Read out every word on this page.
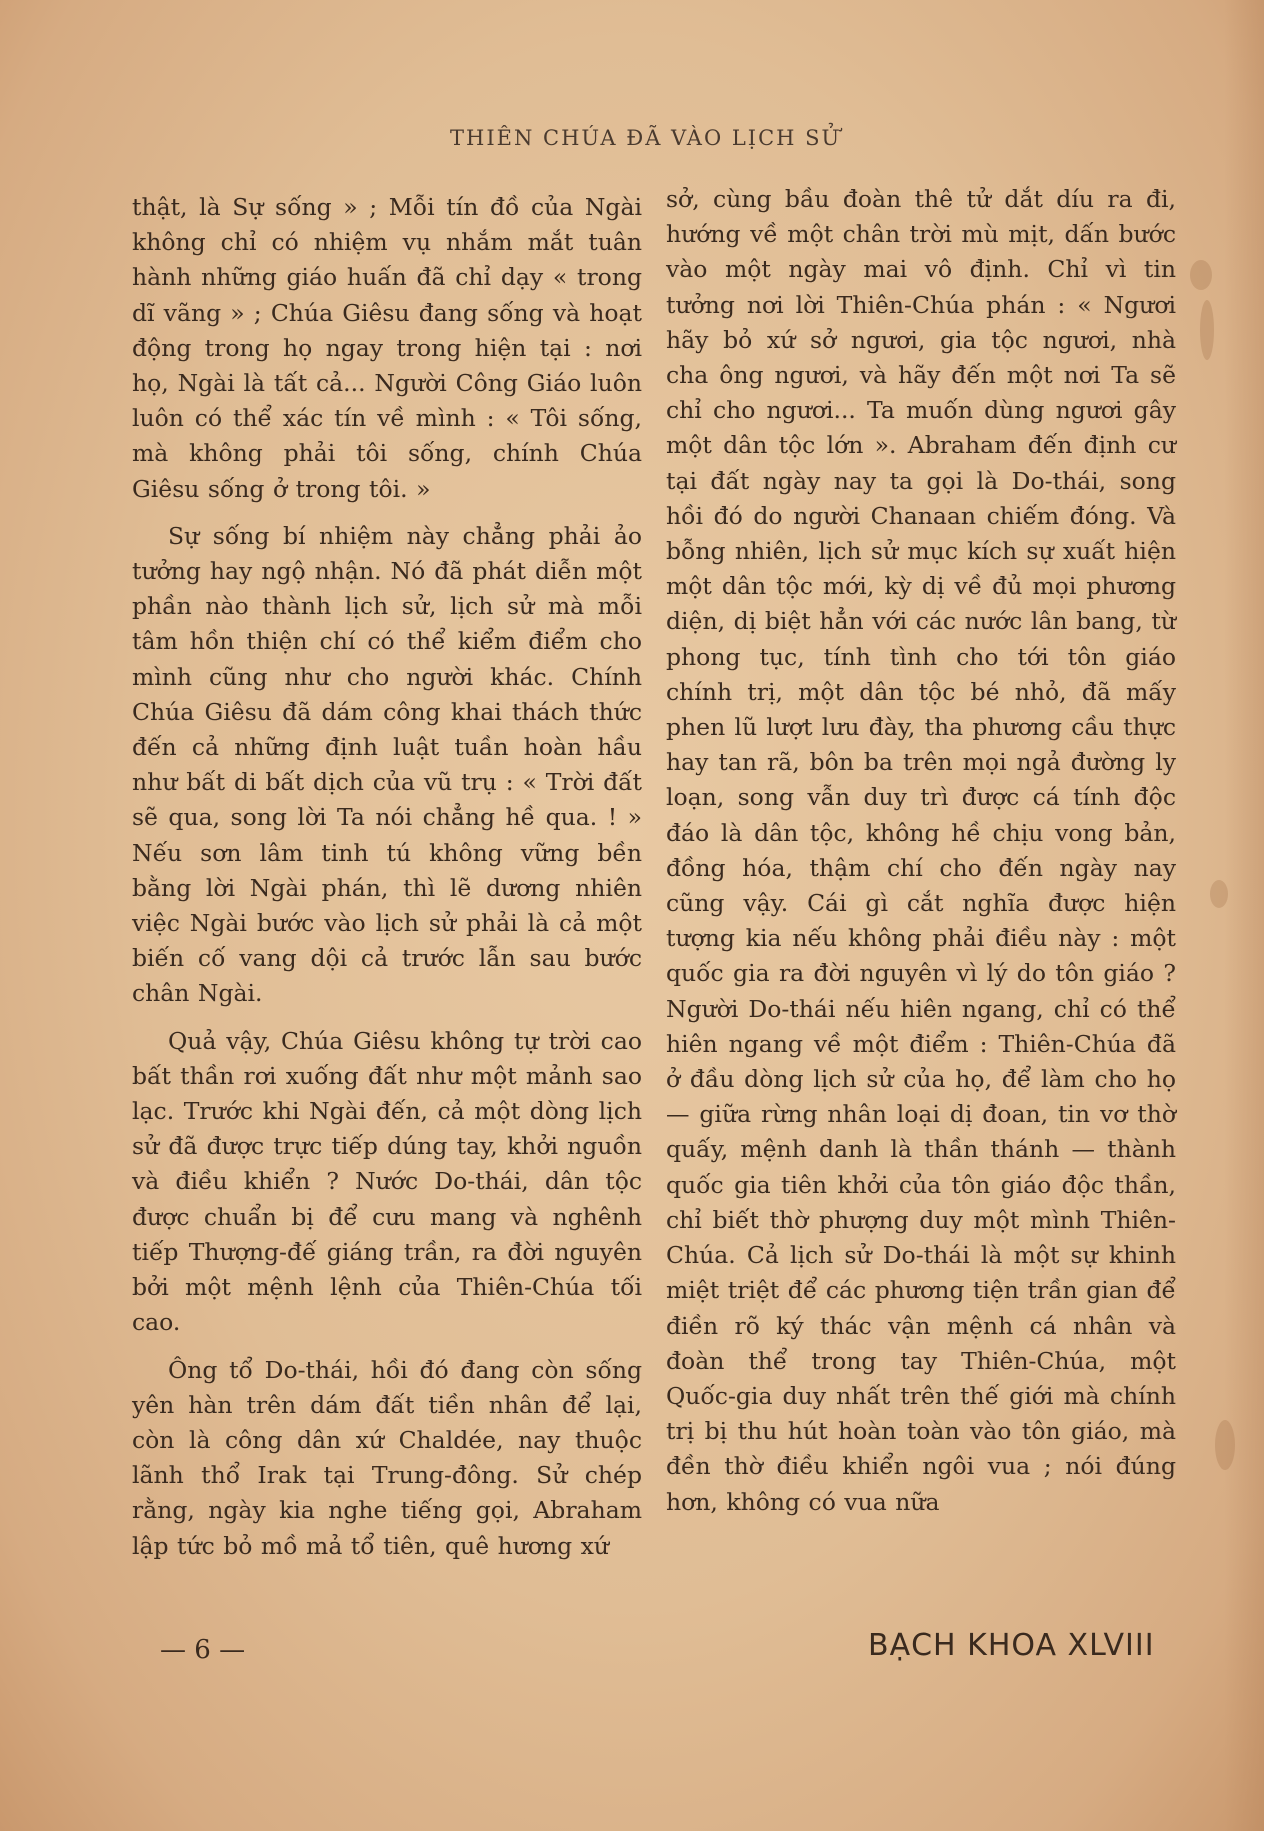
THIÊN CHÚA ĐÃ VÀO LỊCH SỬ

thật, là Sự sống » ; Mỗi tín đồ của Ngài không chỉ có nhiệm vụ nhắm mắt tuân hành những giáo huấn đã chỉ dạy « trong dĩ vãng » ; Chúa Giêsu đang sống và hoạt động trong họ ngay trong hiện tại : nơi họ, Ngài là tất cả... Người Công Giáo luôn luôn có thể xác tín về mình : « Tôi sống, mà không phải tôi sống, chính Chúa Giêsu sống ở trong tôi. »

Sự sống bí nhiệm này chẳng phải ảo tưởng hay ngộ nhận. Nó đã phát diễn một phần nào thành lịch sử, lịch sử mà mỗi tâm hồn thiện chí có thể kiểm điểm cho mình cũng như cho người khác. Chính Chúa Giêsu đã dám công khai thách thức đến cả những định luật tuần hoàn hầu như bất di bất dịch của vũ trụ : « Trời đất sẽ qua, song lời Ta nói chẳng hề qua. ! » Nếu sơn lâm tinh tú không vững bền bằng lời Ngài phán, thì lẽ dương nhiên việc Ngài bước vào lịch sử phải là cả một biến cố vang dội cả trước lẫn sau bước chân Ngài.

Quả vậy, Chúa Giêsu không tự trời cao bất thần rơi xuống đất như một mảnh sao lạc. Trước khi Ngài đến, cả một dòng lịch sử đã được trực tiếp dúng tay, khởi nguồn và điều khiển ? Nước Do-thái, dân tộc được chuẩn bị để cưu mang và nghênh tiếp Thượng-đế giáng trần, ra đời nguyên bởi một mệnh lệnh của Thiên-Chúa tối cao.

Ông tổ Do-thái, hồi đó đang còn sống yên hàn trên dám đất tiền nhân để lại, còn là công dân xứ Chaldée, nay thuộc lãnh thổ Irak tại Trung-đông. Sử chép rằng, ngày kia nghe tiếng gọi, Abraham lập tức bỏ mồ mả tổ tiên, quê hương xứ

sở, cùng bầu đoàn thê tử dắt díu ra đi, hướng về một chân trời mù mịt, dấn bước vào một ngày mai vô định. Chỉ vì tin tưởng nơi lời Thiên-Chúa phán : « Ngươi hãy bỏ xứ sở ngươi, gia tộc ngươi, nhà cha ông ngươi, và hãy đến một nơi Ta sẽ chỉ cho ngươi... Ta muốn dùng ngươi gây một dân tộc lớn ». Abraham đến định cư tại đất ngày nay ta gọi là Do-thái, song hồi đó do người Chanaan chiếm đóng. Và bỗng nhiên, lịch sử mục kích sự xuất hiện một dân tộc mới, kỳ dị về đủ mọi phương diện, dị biệt hẳn với các nước lân bang, từ phong tục, tính tình cho tới tôn giáo chính trị, một dân tộc bé nhỏ, đã mấy phen lũ lượt lưu đày, tha phương cầu thực hay tan rã, bôn ba trên mọi ngả đường ly loạn, song vẫn duy trì được cá tính độc đáo là dân tộc, không hề chịu vong bản, đồng hóa, thậm chí cho đến ngày nay cũng vậy. Cái gì cắt nghĩa được hiện tượng kia nếu không phải điều này : một quốc gia ra đời nguyên vì lý do tôn giáo ? Người Do-thái nếu hiên ngang, chỉ có thể hiên ngang về một điểm : Thiên-Chúa đã ở đầu dòng lịch sử của họ, để làm cho họ — giữa rừng nhân loại dị đoan, tin vơ thờ quấy, mệnh danh là thần thánh — thành quốc gia tiên khởi của tôn giáo độc thần, chỉ biết thờ phượng duy một mình Thiên-Chúa. Cả lịch sử Do-thái là một sự khinh miệt triệt để các phương tiện trần gian để điền rõ ký thác vận mệnh cá nhân và đoàn thể trong tay Thiên-Chúa, một Quốc-gia duy nhất trên thế giới mà chính trị bị thu hút hoàn toàn vào tôn giáo, mà đền thờ điều khiển ngôi vua ; nói đúng hơn, không có vua nữa

— 6 —	BẠCH KHOA XLVIII
